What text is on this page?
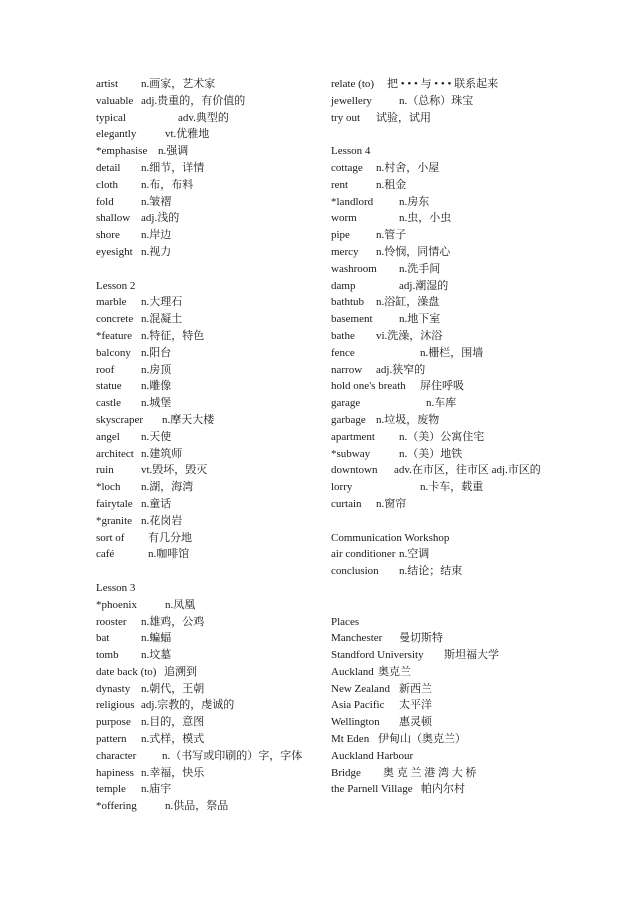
artist n.画家，艺术家
valuable adj.贵重的，有价值的
typical	adv.典型的
elegantly	vt.优雅地
*emphasise n.强调
detail n.细节，详情
cloth n.布，布料
fold n.皱褶
shallow adj.浅的
shore n.岸边
eyesight n.视力
Lesson 2
marble n.大理石
concrete n.混凝土
*feature n.特征，特色
balcony n.阳台
roof n.房顶
statue n.雕像
castle n.城堡
skyscraper n.摩天大楼
angel n.天使
architect n.建筑师
ruin vt.毁坏，毁灭
*loch n.湖，海湾
fairytale n.童话
*granite n.花岗岩
sort of 有几分地
café	n.咖啡馆
Lesson 3
*phoenix	n.凤凰
rooster n.雄鸡，公鸡
bat	n.蝙蝠
tomb n.坟墓
date back (to) 追溯到
dynasty n.朝代，王朝
religious adj.宗教的，虔诚的
purpose n.目的，意图
pattern n.式样，模式
character n.（书写或印刷的）字，字体
hapiness n.幸福，快乐
temple n.庙宇
*offering	n.供品，祭品
relate (to) 把 • • • 与 • • • 联系起来
jewellery n.（总称）珠宝
try out 试验，试用
Lesson 4
cottage n.村舍，小屋
rent	n.租金
*landlord n.房东
worm	n.虫，小虫
pipe n.管子
mercy n.怜悯，同情心
washroom n.洗手间
damp	adj.潮湿的
bathtub n.浴缸，澡盘
basement n.地下室
bathe vi.洗澡，沐浴
fence	n.栅栏，围墙
narrow adj.狭窄的
hold one's breath 屏住呼吸
garage	n.车库
garbage n.垃圾，废物
apartment n.（美）公寓住宅
*subway	n.（美）地铁
downtown adv.在市区，往市区 adj.市区的
lorry	n.卡车，载重
curtain n.窗帘
Communication Workshop
air conditioner n.空调
conclusion n.结论；结束
Places
Manchester 曼切斯特
Standford University 斯坦福大学
Auckland 奥克兰
New Zealand 新西兰
Asia Pacific 太平洋
Wellington 惠灵顿
Mt Eden 伊甸山（奥克兰）
Auckland Harbour Bridge 奥 克 兰 港 湾 大 桥
the Parnell Village 帕内尔村
